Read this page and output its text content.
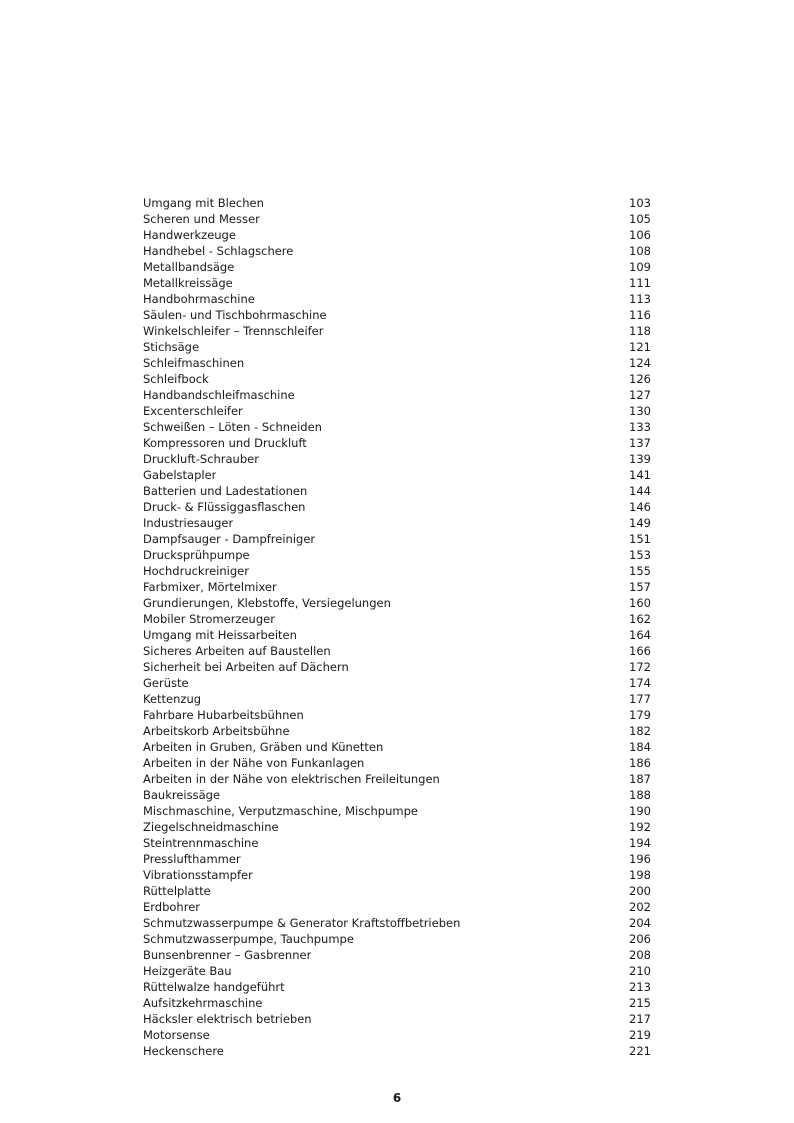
Umgang mit Blechen	103
Scheren und Messer	105
Handwerkzeuge	106
Handhebel - Schlagschere	108
Metallbandsäge	109
Metallkreissäge	111
Handbohrmaschine	113
Säulen- und Tischbohrmaschine	116
Winkelschleifer – Trennschleifer	118
Stichsäge	121
Schleifmaschinen	124
Schleifbock	126
Handbandschleifmaschine	127
Excenterschleifer	130
Schweißen – Löten - Schneiden	133
Kompressoren und Druckluft	137
Druckluft-Schrauber	139
Gabelstapler	141
Batterien und Ladestationen	144
Druck- & Flüssiggasflaschen	146
Industriesauger	149
Dampfsauger - Dampfreiniger	151
Drucksprühpumpe	153
Hochdruckreiniger	155
Farbmixer, Mörtelmixer	157
Grundierungen, Klebstoffe, Versiegelungen	160
Mobiler Stromerzeuger	162
Umgang mit Heissarbeiten	164
Sicheres Arbeiten auf Baustellen	166
Sicherheit bei Arbeiten auf Dächern	172
Gerüste	174
Kettenzug	177
Fahrbare Hubarbeitsbühnen	179
Arbeitskorb Arbeitsbühne	182
Arbeiten in Gruben, Gräben und Künetten	184
Arbeiten in der Nähe von Funkanlagen	186
Arbeiten in der Nähe von elektrischen Freileitungen	187
Baukreissäge	188
Mischmaschine, Verputzmaschine, Mischpumpe	190
Ziegelschneidmaschine	192
Steintrennmaschine	194
Presslufthammer	196
Vibrationsstampfer	198
Rüttelplatte	200
Erdbohrer	202
Schmutzwasserpumpe & Generator Kraftstoffbetrieben	204
Schmutzwasserpumpe, Tauchpumpe	206
Bunsenbrenner – Gasbrenner	208
Heizgeräte Bau	210
Rüttelwalze handgeführt	213
Aufsitzkehrmaschine	215
Häcksler elektrisch betrieben	217
Motorsense	219
Heckenschere	221
6
